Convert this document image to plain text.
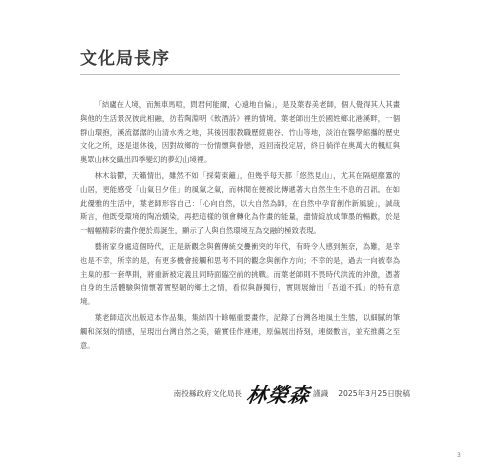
文化局長序

「結廬在人境，而無車馬喧，問君何能爾，心遠地自偏」，是及葉春美老師，個人覺得其人其畫與他的生活景況彼此相融，彷若陶淵明《飲酒詩》裡的情境。葉老師出生於國姓鄉北港溪畔，一個群山環抱，溪流潺潺的山清水秀之地，其後因服教職歷經鹿谷、竹山等地，淡泊在醫學館攜的歷史文化之所，逐是退休後，因對故鄉的一份情懷與眷戀，返回南投定居，終日倘徉在奧萬大的楓紅與奧眾山林交織出四季變幻的夢幻山境裡。

林木翁鬱，天籟情出，雖然不如「採菊東籬」，但幾乎每天都「悠然見山」，尤其在隔絕塵囂的山居，更能感受「山氣日夕佳」的風氣之氣，而林間在便被比傳遞著大自然生生不息的召訊。在如此優雅的生活中，葉老師形容自己：「心向自然，以大自然為師，在自然中孕育創作新風貌」，誠哉斯言，他既受環境的陶冶燻染，再把這樣的領會轉化為作畫的能量，盡情綻放成筆墨的暢歡，於是一幅幅精彩的畫作便於焉誕生，顯示了人與自然環境互為交融的極致表現。

藝術家身處這個時代，正是新觀念與舊傳統交疊衝突的年代，有時令人感到無奈，為難，是幸也是不幸，所幸的是，有更多機會接觸和思考不同的觀念與創作方向；不幸的是，過去一向被奉為主臬的那一套準則，將重新被定義且同時面臨空前的挑戰。而葉老師則不畏時代洪流的沖激，憑著自身的生活體驗與情懷著實堅韌的鄉土之情，看似與靜獨行，實則展繪出「吾道不孤」的特有意境。

葉老師這次出版這本作品集，集結四十餘幅重要畫作，記錄了台灣各地風土生態，以細膩的筆觸和深刻的情感，呈現出台灣自然之美，確實佳作連連，原偏展出持刻，連綴數言，並充推薦之至意。

南投縣政府文化局長 林榮森 謹識 2025年3月25日脫稿
3
